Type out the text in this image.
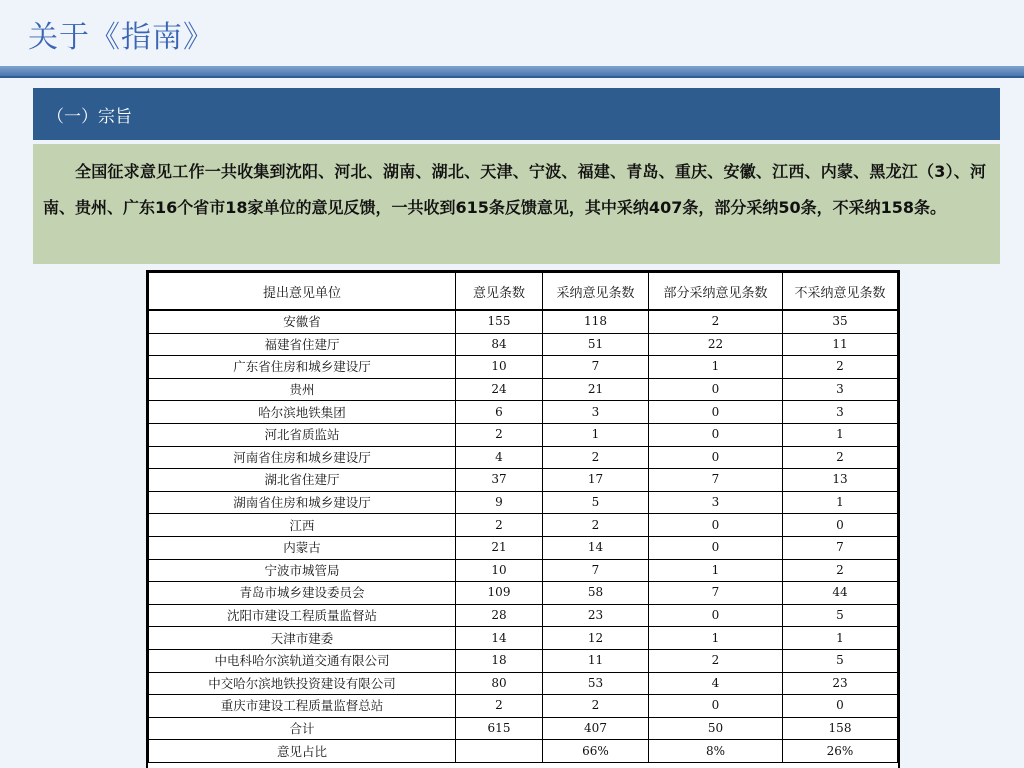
关于《指南》
（一）宗旨
全国征求意见工作一共收集到沈阳、河北、湖南、湖北、天津、宁波、福建、青岛、重庆、安徽、江西、内蒙、黑龙江（3）、河南、贵州、广东16个省市18家单位的意见反馈，一共收到615条反馈意见，其中采纳407条，部分采纳50条，不采纳158条。
提出意见单位	意见条数	采纳意见条数	部分采纳意见条数	不采纳意见条数
安徽省	155	118	2	35
福建省住建厅	84	51	22	11
广东省住房和城乡建设厅	10	7	1	2
贵州	24	21	0	3
哈尔滨地铁集团	6	3	0	3
河北省质监站	2	1	0	1
河南省住房和城乡建设厅	4	2	0	2
湖北省住建厅	37	17	7	13
湖南省住房和城乡建设厅	9	5	3	1
江西	2	2	0	0
内蒙古	21	14	0	7
宁波市城管局	10	7	1	2
青岛市城乡建设委员会	109	58	7	44
沈阳市建设工程质量监督站	28	23	0	5
天津市建委	14	12	1	1
中电科哈尔滨轨道交通有限公司	18	11	2	5
中交哈尔滨地铁投资建设有限公司	80	53	4	23
重庆市建设工程质量监督总站	2	2	0	0
合计	615	407	50	158
意见占比		66%	8%	26%
